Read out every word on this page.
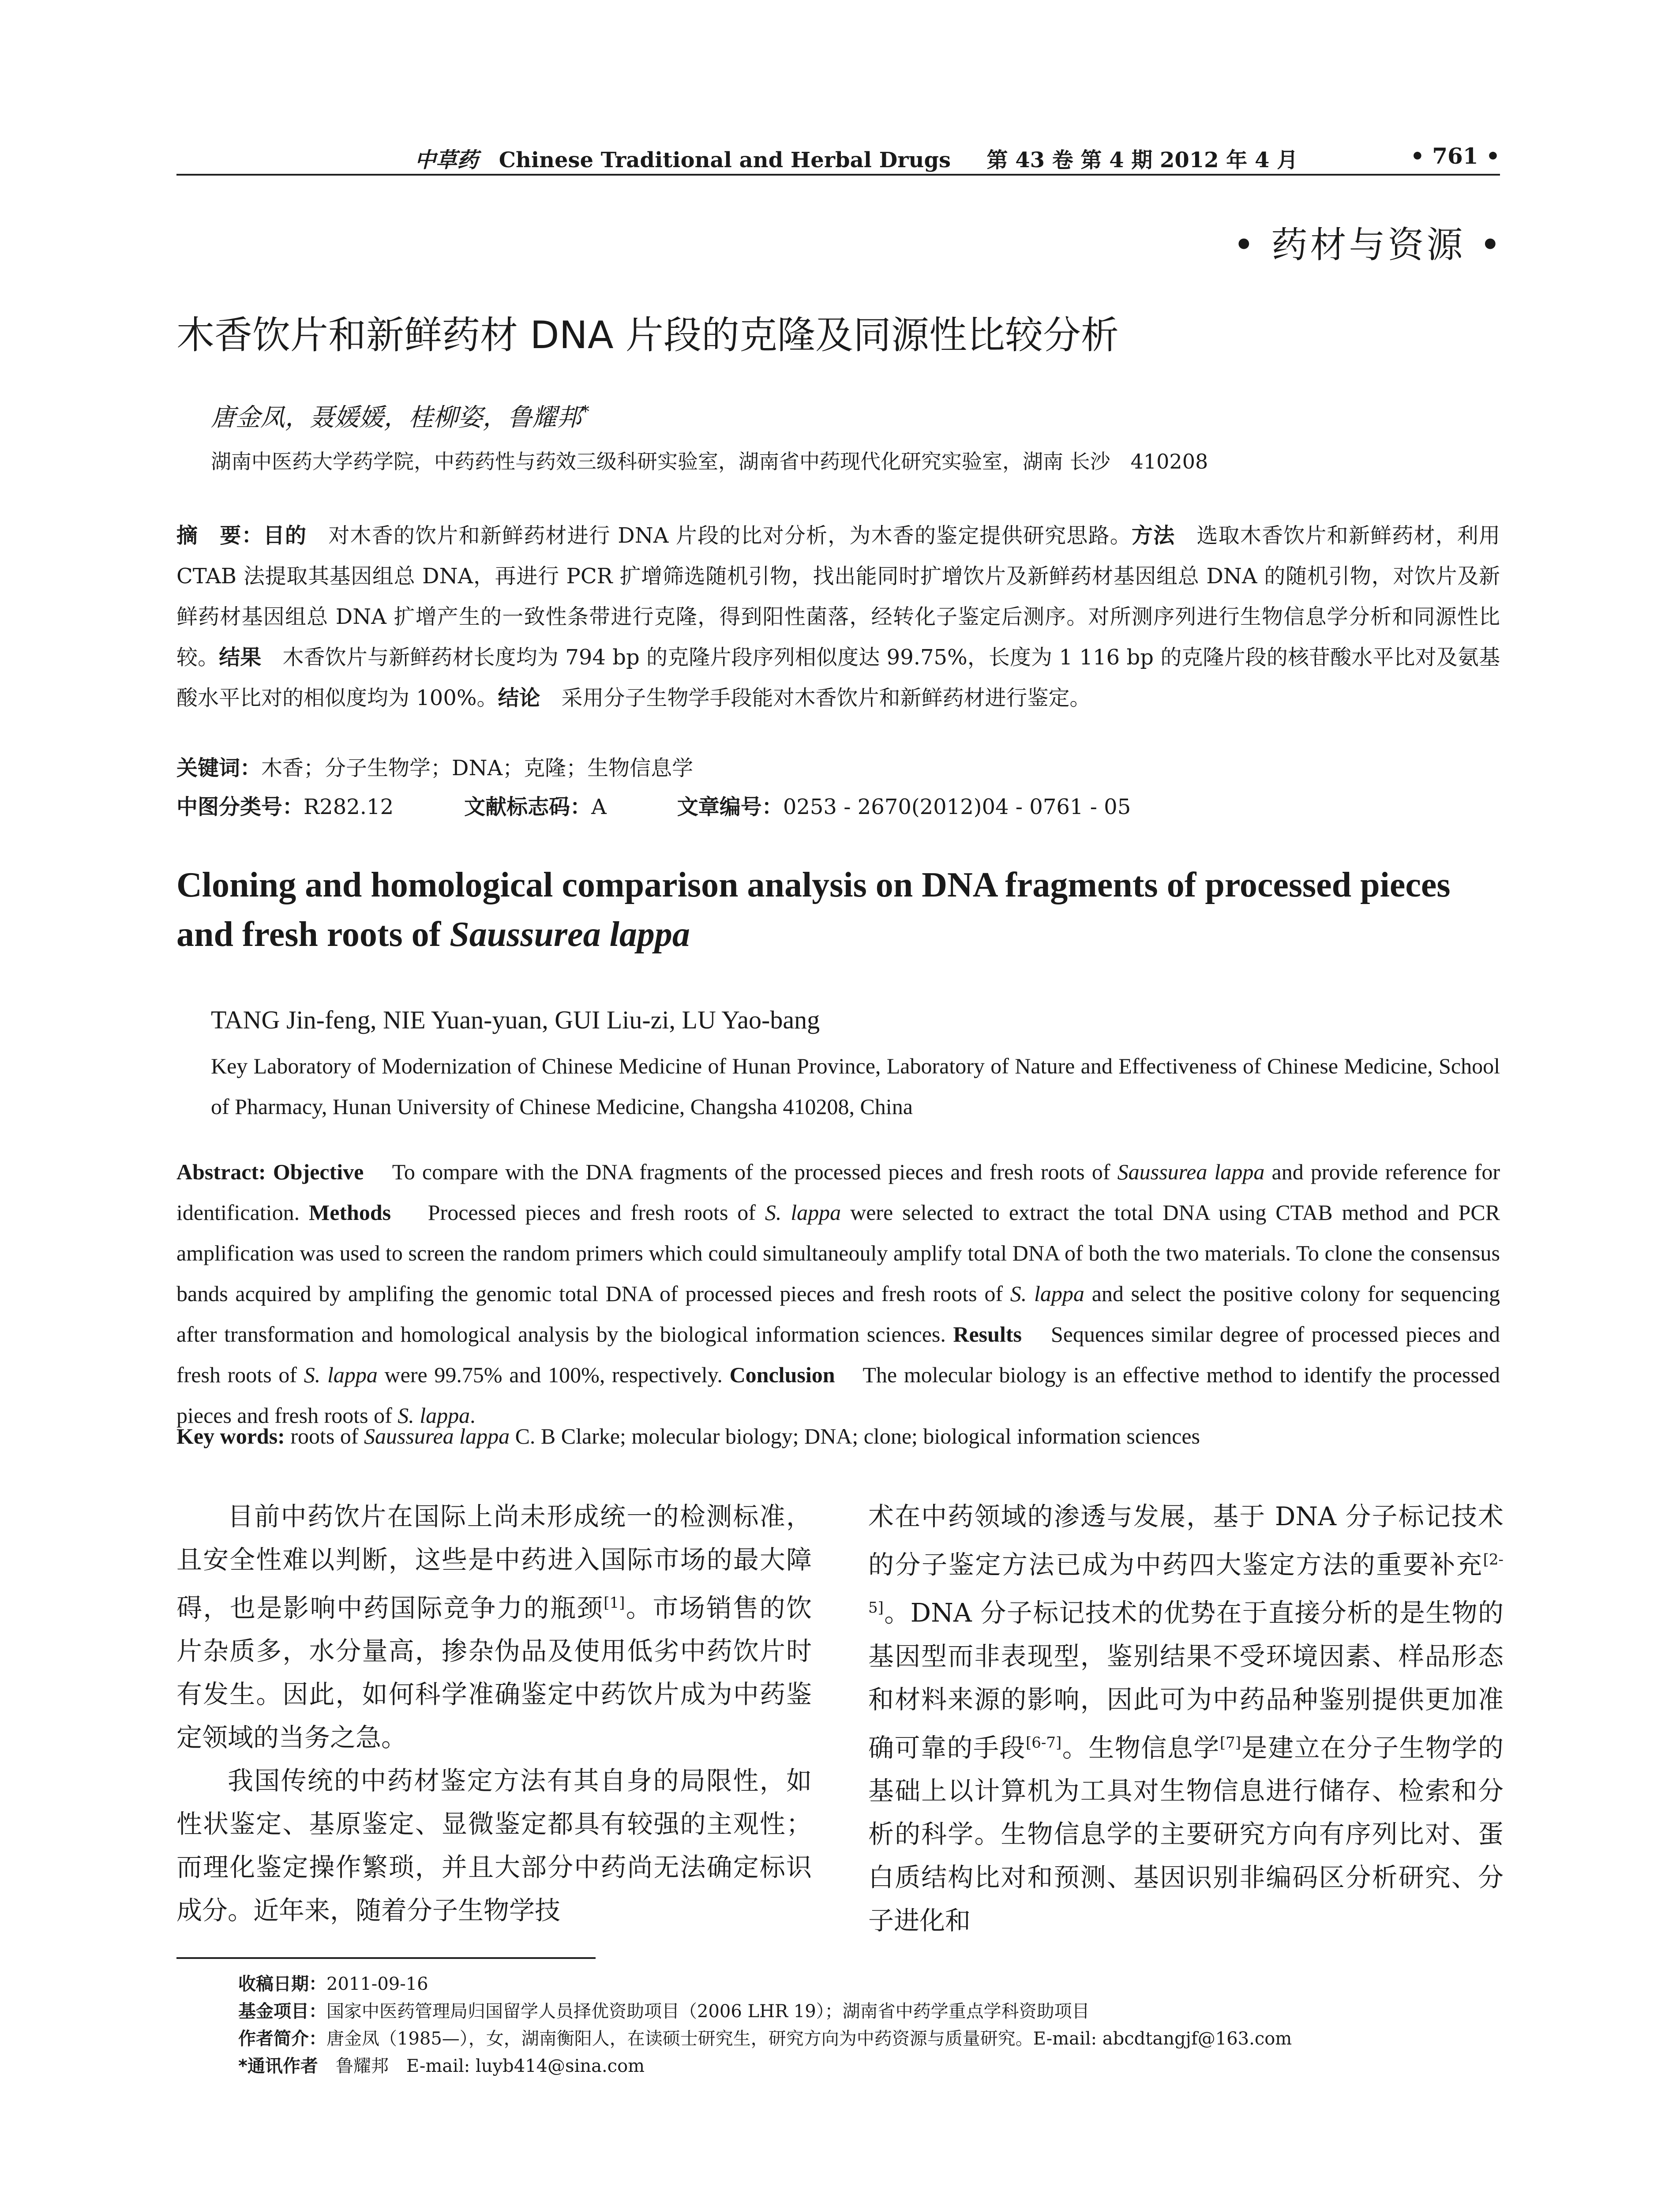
中草药 Chinese Traditional and Herbal Drugs 　 第 43 卷 第 4 期 2012 年 4 月	• 761 •
• 药材与资源 •
木香饮片和新鲜药材 DNA 片段的克隆及同源性比较分析
唐金凤，聂媛媛，桂柳姿，鲁耀邦*
湖南中医药大学药学院，中药药性与药效三级科研实验室，湖南省中药现代化研究实验室，湖南 长沙　410208
摘　要：目的　 对木香的饮片和新鲜药材进行 DNA 片段的比对分析，为木香的鉴定提供研究思路。方法　 选取木香饮片和新鲜药材，利用 CTAB 法提取其基因组总 DNA，再进行 PCR 扩增筛选随机引物，找出能同时扩增饮片及新鲜药材基因组总 DNA 的随机引物，对饮片及新鲜药材基因组总 DNA 扩增产生的一致性条带进行克隆，得到阳性菌落，经转化子鉴定后测序。对所测序列进行生物信息学分析和同源性比较。结果　 木香饮片与新鲜药材长度均为 794 bp 的克隆片段序列相似度达 99.75%，长度为 1 116 bp 的克隆片段的核苷酸水平比对及氨基酸水平比对的相似度均为 100%。结论　 采用分子生物学手段能对木香饮片和新鲜药材进行鉴定。
关键词：木香；分子生物学；DNA；克隆；生物信息学
中图分类号：R282.12	文献标志码：A	文章编号：0253 - 2670(2012)04 - 0761 - 05
Cloning and homological comparison analysis on DNA fragments of processed pieces and fresh roots of Saussurea lappa
TANG Jin-feng, NIE Yuan-yuan, GUI Liu-zi, LU Yao-bang
Key Laboratory of Modernization of Chinese Medicine of Hunan Province, Laboratory of Nature and Effectiveness of Chinese Medicine, School of Pharmacy, Hunan University of Chinese Medicine, Changsha 410208, China
Abstract: Objective To compare with the DNA fragments of the processed pieces and fresh roots of Saussurea lappa and provide reference for identification. Methods Processed pieces and fresh roots of S. lappa were selected to extract the total DNA using CTAB method and PCR amplification was used to screen the random primers which could simultaneouly amplify total DNA of both the two materials. To clone the consensus bands acquired by amplifing the genomic total DNA of processed pieces and fresh roots of S. lappa and select the positive colony for sequencing after transformation and homological analysis by the biological information sciences. Results Sequences similar degree of processed pieces and fresh roots of S. lappa were 99.75% and 100%, respectively. Conclusion The molecular biology is an effective method to identify the processed pieces and fresh roots of S. lappa.
Key words: roots of Saussurea lappa C. B Clarke; molecular biology; DNA; clone; biological information sciences

目前中药饮片在国际上尚未形成统一的检测标准，且安全性难以判断，这些是中药进入国际市场的最大障碍，也是影响中药国际竞争力的瓶颈[1]。市场销售的饮片杂质多，水分量高，掺杂伪品及使用低劣中药饮片时有发生。因此，如何科学准确鉴定中药饮片成为中药鉴定领域的当务之急。

我国传统的中药材鉴定方法有其自身的局限性，如性状鉴定、基原鉴定、显微鉴定都具有较强的主观性；而理化鉴定操作繁琐，并且大部分中药尚无法确定标识成分。近年来，随着分子生物学技

术在中药领域的渗透与发展，基于 DNA 分子标记技术的分子鉴定方法已成为中药四大鉴定方法的重要补充[2-5]。DNA 分子标记技术的优势在于直接分析的是生物的基因型而非表现型，鉴别结果不受环境因素、样品形态和材料来源的影响，因此可为中药品种鉴别提供更加准确可靠的手段[6-7]。生物信息学[7]是建立在分子生物学的基础上以计算机为工具对生物信息进行储存、检索和分析的科学。生物信息学的主要研究方向有序列比对、蛋白质结构比对和预测、基因识别非编码区分析研究、分子进化和

收稿日期：2011-09-16
基金项目：国家中医药管理局归国留学人员择优资助项目（2006 LHR 19）；湖南省中药学重点学科资助项目
作者简介：唐金凤（1985—），女，湖南衡阳人，在读硕士研究生，研究方向为中药资源与质量研究。E-mail: abcdtangjf@163.com
*通讯作者　鲁耀邦　E-mail: luyb414@sina.com
